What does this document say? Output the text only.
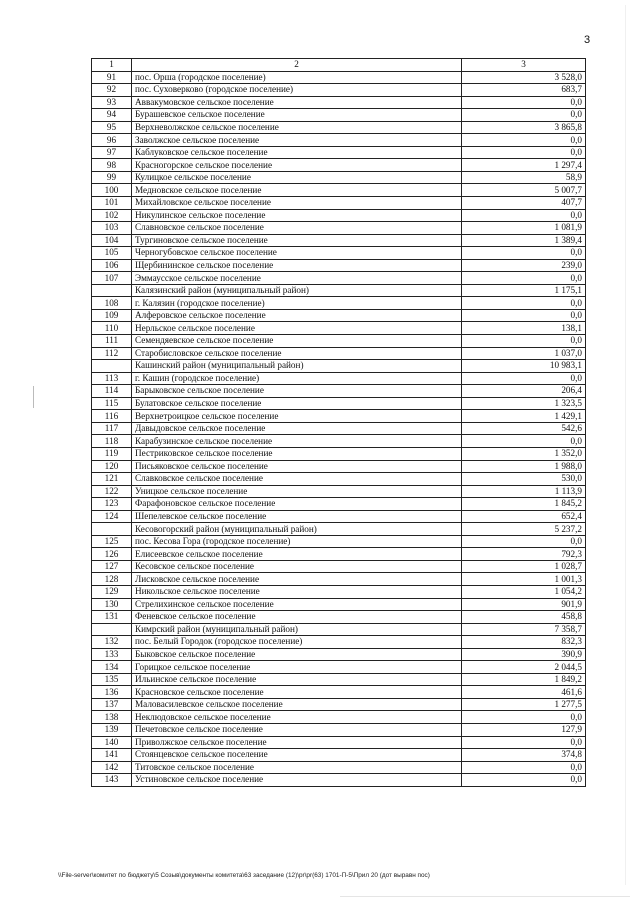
3
1	2	3
91	пос. Орша (городское поселение)	3 528,0
92	пос. Суховерково (городское поселение)	683,7
93	Аввакумовское сельское поселение	0,0
94	Бурашевское сельское поселение	0,0
95	Верхневолжское сельское поселение	3 865,8
96	Заволжское сельское поселение	0,0
97	Каблуковское сельское поселение	0,0
98	Красногорское сельское поселение	1 297,4
99	Кулицкое сельское поселение	58,9
100	Медновское сельское поселение	5 007,7
101	Михайловское сельское поселение	407,7
102	Никулинское сельское поселение	0,0
103	Славновское сельское поселение	1 081,9
104	Тургиновское сельское поселение	1 389,4
105	Черногубовское сельское поселение	0,0
106	Щербининское сельское поселение	239,0
107	Эммаусское сельское поселение	0,0
	Калязинский район (муниципальный район)	1 175,1
108	г. Калязин (городское поселение)	0,0
109	Алферовское сельское поселение	0,0
110	Нерльское сельское поселение	138,1
111	Семендяевское сельское поселение	0,0
112	Старобисловское сельское поселение	1 037,0
	Кашинский район (муниципальный район)	10 983,1
113	г. Кашин (городское поселение)	0,0
114	Барыковское сельское поселение	206,4
115	Булатовское сельское поселение	1 323,5
116	Верхнетроицкое сельское поселение	1 429,1
117	Давыдовское сельское поселение	542,6
118	Карабузинское сельское поселение	0,0
119	Пестриковское сельское поселение	1 352,0
120	Письяковское сельское поселение	1 988,0
121	Славковское сельское поселение	530,0
122	Уницкое сельское поселение	1 113,9
123	Фарафоновское сельское поселение	1 845,2
124	Шепелевское сельское поселение	652,4
	Кесовогорский район (муниципальный район)	5 237,2
125	пос. Кесова Гора (городское поселение)	0,0
126	Елисеевское сельское поселение	792,3
127	Кесовское сельское поселение	1 028,7
128	Лисковское сельское поселение	1 001,3
129	Никольское сельское поселение	1 054,2
130	Стрелихинское сельское поселение	901,9
131	Феневское сельское поселение	458,8
	Кимрский район (муниципальный район)	7 358,7
132	пос. Белый Городок (городское поселение)	832,3
133	Быковское сельское поселение	390,9
134	Горицкое сельское поселение	2 044,5
135	Ильинское сельское поселение	1 849,2
136	Красновское сельское поселение	461,6
137	Маловасилевское сельское поселение	1 277,5
138	Неклюдовское сельское поселение	0,0
139	Печетовское сельское поселение	127,9
140	Приволжское сельское поселение	0,0
141	Стоянцевское сельское поселение	374,8
142	Титовское сельское поселение	0,0
143	Устиновское сельское поселение	0,0
\\File-server\комитет по бюджету\5 Созыв\документы комитета\63 заседание (12)\pr\pr(63) 1701-П-5\Прил 20 (дот выравн пос)
